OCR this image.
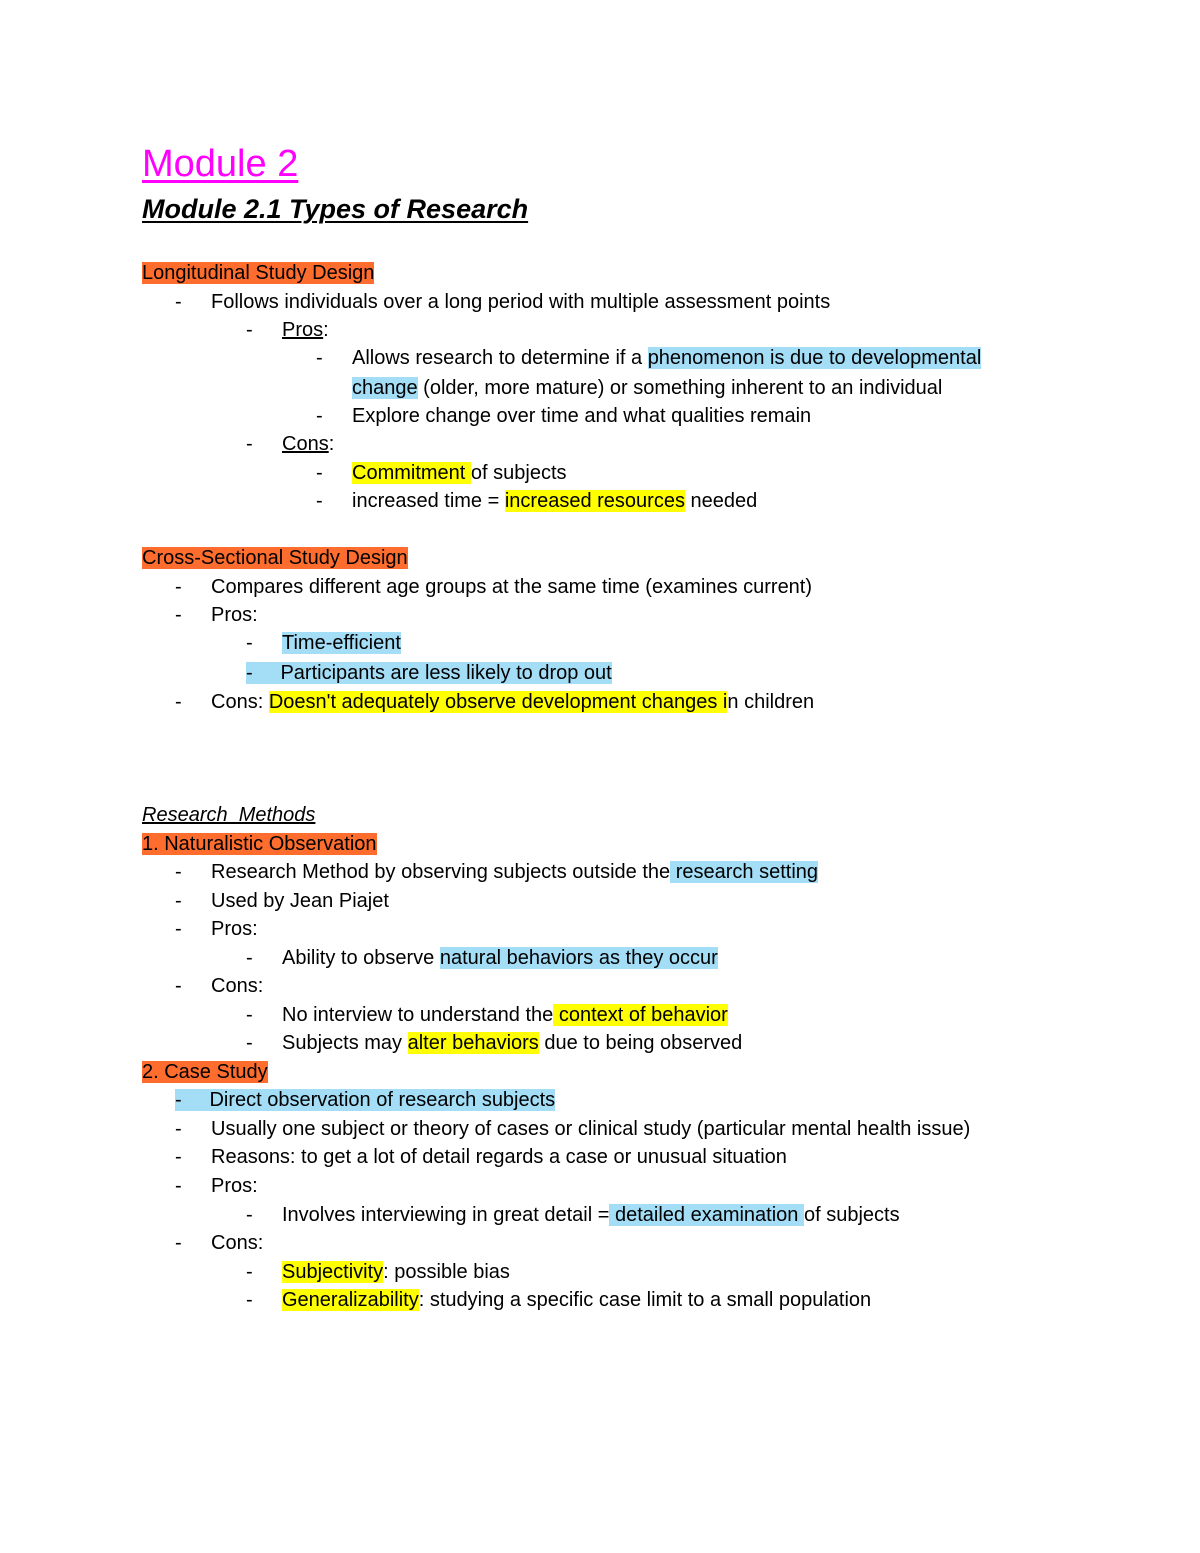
Module 2
Module 2.1 Types of Research
Longitudinal Study Design
- Follows individuals over a long period with multiple assessment points
- Pros:
- Allows research to determine if a phenomenon is due to developmental
change (older, more mature) or something inherent to an individual
- Explore change over time and what qualities remain
- Cons:
- Commitment of subjects
- increased time = increased resources needed
Cross-Sectional Study Design
- Compares different age groups at the same time (examines current)
- Pros:
- Time-efficient
- Participants are less likely to drop out
- Cons: Doesn't adequately observe development changes in children
Research  Methods
1. Naturalistic Observation
- Research Method by observing subjects outside the research setting
- Used by Jean Piajet
- Pros:
- Ability to observe natural behaviors as they occur
- Cons:
- No interview to understand the context of behavior
- Subjects may alter behaviors due to being observed
2. Case Study
- Direct observation of research subjects
- Usually one subject or theory of cases or clinical study (particular mental health issue)
- Reasons: to get a lot of detail regards a case or unusual situation
- Pros:
- Involves interviewing in great detail = detailed examination of subjects
- Cons:
- Subjectivity: possible bias
- Generalizability: studying a specific case limit to a small population
